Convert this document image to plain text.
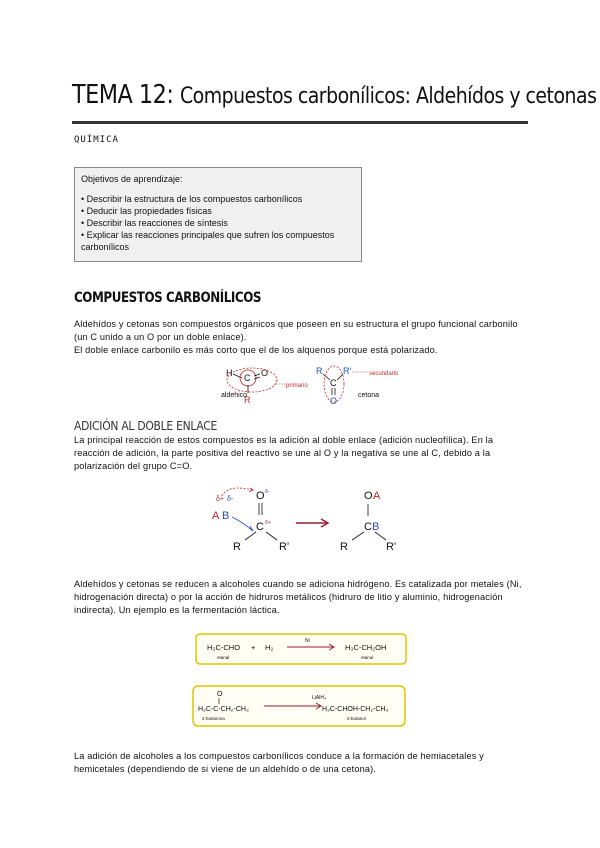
TEMA 12: Compuestos carbonílicos: Aldehídos y cetonas
QUÍMICA
Objetivos de aprendizaje:
• Describir la estructura de los compuestos carbonílicos
• Deducir las propiedades físicas
• Describir las reacciones de síntesis
• Explicar las reacciones principales que sufren los compuestos carbonílicos
COMPUESTOS CARBONÍLICOS
Aldehídos y cetonas son compuestos orgánicos que poseen en su estructura el grupo funcional carbonilo (un C unido a un O por un doble enlace).
El doble enlace carbonilo es más corto que el de los alquenos porque está polarizado.
H C O
R
primario
aldehico
R R'
C
O
secundario
cetona
ADICIÓN AL DOBLE ENLACE
La principal reacción de estos compuestos es la adición al doble enlace (adición nucleofílica). En la reacción de adición, la parte positiva del reactivo se une al O y la negativa se une al C, debido a la polarización del grupo C=O.
δ+ δ-
A B
O δ-
C δ+
R	R'
O A
C B
R	R'
Aldehídos y cetonas se reducen a alcoholes cuando se adiciona hidrógeno. Es catalizada por metales (Ni, hidrogenación directa) o por la acción de hidruros metálicos (hidruro de litio y aluminio, hidrogenación indirecta). Un ejemplo es la fermentación láctica.
H₃C-CHO + H₂
Ni
H₃C-CH₂OH
etanal	etanol
O
H₃C-C-CH₂-CH₃
LiAlH₄
H₃C-CHOH-CH₂-CH₃
2-butanona	2-butanol
La adición de alcoholes a los compuestos carbonílicos conduce a la formación de hemiacetales y hemicetales (dependiendo de si viene de un aldehído o de una cetona).
